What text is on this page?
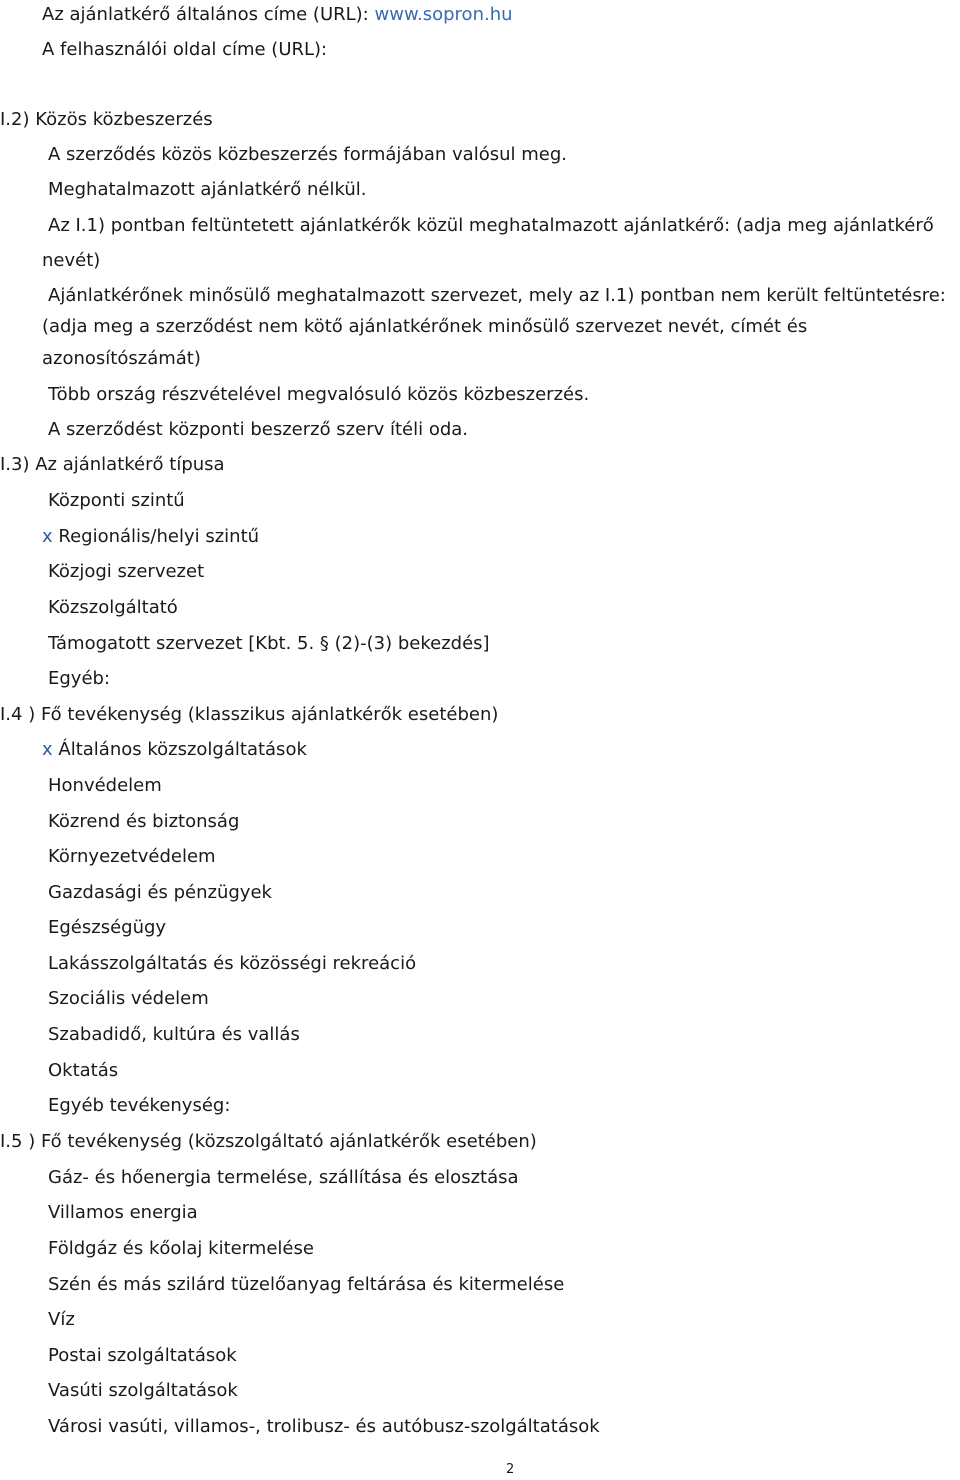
Az ajánlatkérő általános címe (URL): www.sopron.hu
A felhasználói oldal címe (URL):
I.2) Közös közbeszerzés
A szerződés közös közbeszerzés formájában valósul meg.
Meghatalmazott ajánlatkérő nélkül.
Az I.1) pontban feltüntetett ajánlatkérők közül meghatalmazott ajánlatkérő: (adja meg ajánlatkérő
nevét)
Ajánlatkérőnek minősülő meghatalmazott szervezet, mely az I.1) pontban nem került feltüntetésre:
(adja meg a szerződést nem kötő ajánlatkérőnek minősülő szervezet nevét, címét és
azonosítószámát)
Több ország részvételével megvalósuló közös közbeszerzés.
A szerződést központi beszerző szerv ítéli oda.
I.3) Az ajánlatkérő típusa
Központi szintű
x Regionális/helyi szintű
Közjogi szervezet
Közszolgáltató
Támogatott szervezet [Kbt. 5. § (2)-(3) bekezdés]
Egyéb:
I.4 ) Fő tevékenység (klasszikus ajánlatkérők esetében)
x Általános közszolgáltatások
Honvédelem
Közrend és biztonság
Környezetvédelem
Gazdasági és pénzügyek
Egészségügy
Lakásszolgáltatás és közösségi rekreáció
Szociális védelem
Szabadidő, kultúra és vallás
Oktatás
Egyéb tevékenység:
I.5 ) Fő tevékenység (közszolgáltató ajánlatkérők esetében)
Gáz- és hőenergia termelése, szállítása és elosztása
Villamos energia
Földgáz és kőolaj kitermelése
Szén és más szilárd tüzelőanyag feltárása és kitermelése
Víz
Postai szolgáltatások
Vasúti szolgáltatások
Városi vasúti, villamos-, trolibusz- és autóbusz-szolgáltatások
2
